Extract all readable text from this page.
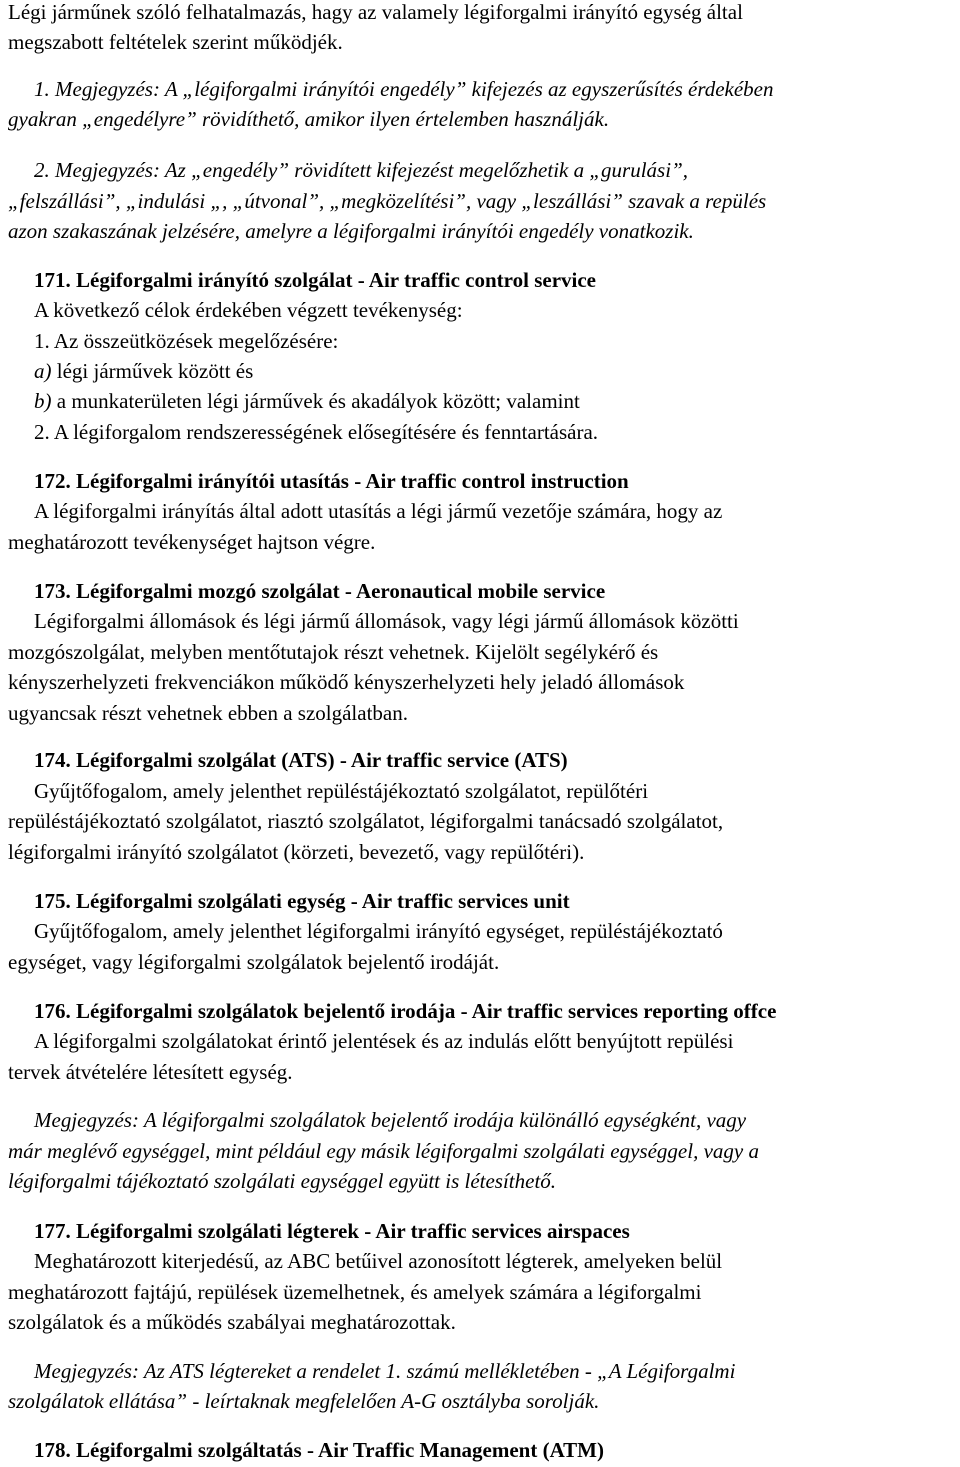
Légi járműnek szóló felhatalmazás, hagy az valamely légiforgalmi irányító egység által
megszabott feltételek szerint működjék.
1. Megjegyzés: A „légiforgalmi irányítói engedély” kifejezés az egyszerűsítés érdekében
gyakran „engedélyre” rövidíthető, amikor ilyen értelemben használják.
2. Megjegyzés: Az „engedély” rövidített kifejezést megelőzhetik a „gurulási”,
„felszállási”, „indulási „, „útvonal”, „megközelítési”, vagy „leszállási” szavak a repülés
azon szakaszának jelzésére, amelyre a légiforgalmi irányítói engedély vonatkozik.
171. Légiforgalmi irányító szolgálat - Air traffic control service
A következő célok érdekében végzett tevékenység:
1. Az összeütközések megelőzésére:
a) légi járművek között és
b) a munkaterületen légi járművek és akadályok között; valamint
2. A légiforgalom rendszerességének elősegítésére és fenntartására.
172. Légiforgalmi irányítói utasítás - Air traffic control instruction
A légiforgalmi irányítás által adott utasítás a légi jármű vezetője számára, hogy az
meghatározott tevékenységet hajtson végre.
173. Légiforgalmi mozgó szolgálat - Aeronautical mobile service
Légiforgalmi állomások és légi jármű állomások, vagy légi jármű állomások közötti
mozgószolgálat, melyben mentőtutajok részt vehetnek. Kijelölt segélykérő és
kényszerhelyzeti frekvenciákon működő kényszerhelyzeti hely jeladó állomások
ugyancsak részt vehetnek ebben a szolgálatban.
174. Légiforgalmi szolgálat (ATS) - Air traffic service (ATS)
Gyűjtőfogalom, amely jelenthet repüléstájékoztató szolgálatot, repülőtéri
repüléstájékoztató szolgálatot, riasztó szolgálatot, légiforgalmi tanácsadó szolgálatot,
légiforgalmi irányító szolgálatot (körzeti, bevezető, vagy repülőtéri).
175. Légiforgalmi szolgálati egység - Air traffic services unit
Gyűjtőfogalom, amely jelenthet légiforgalmi irányító egységet, repüléstájékoztató
egységet, vagy légiforgalmi szolgálatok bejelentő irodáját.
176. Légiforgalmi szolgálatok bejelentő irodája - Air traffic services reporting offce
A légiforgalmi szolgálatokat érintő jelentések és az indulás előtt benyújtott repülési
tervek átvételére létesített egység.
Megjegyzés: A légiforgalmi szolgálatok bejelentő irodája különálló egységként, vagy
már meglévő egységgel, mint például egy másik légiforgalmi szolgálati egységgel, vagy a
légiforgalmi tájékoztató szolgálati egységgel együtt is létesíthető.
177. Légiforgalmi szolgálati légterek - Air traffic services airspaces
Meghatározott kiterjedésű, az ABC betűivel azonosított légterek, amelyeken belül
meghatározott fajtájú, repülések üzemelhetnek, és amelyek számára a légiforgalmi
szolgálatok és a működés szabályai meghatározottak.
Megjegyzés: Az ATS légtereket a rendelet 1. számú mellékletében - „A Légiforgalmi
szolgálatok ellátása” - leírtaknak megfelelően A-G osztályba sorolják.
178. Légiforgalmi szolgáltatás - Air Traffic Management (ATM)
